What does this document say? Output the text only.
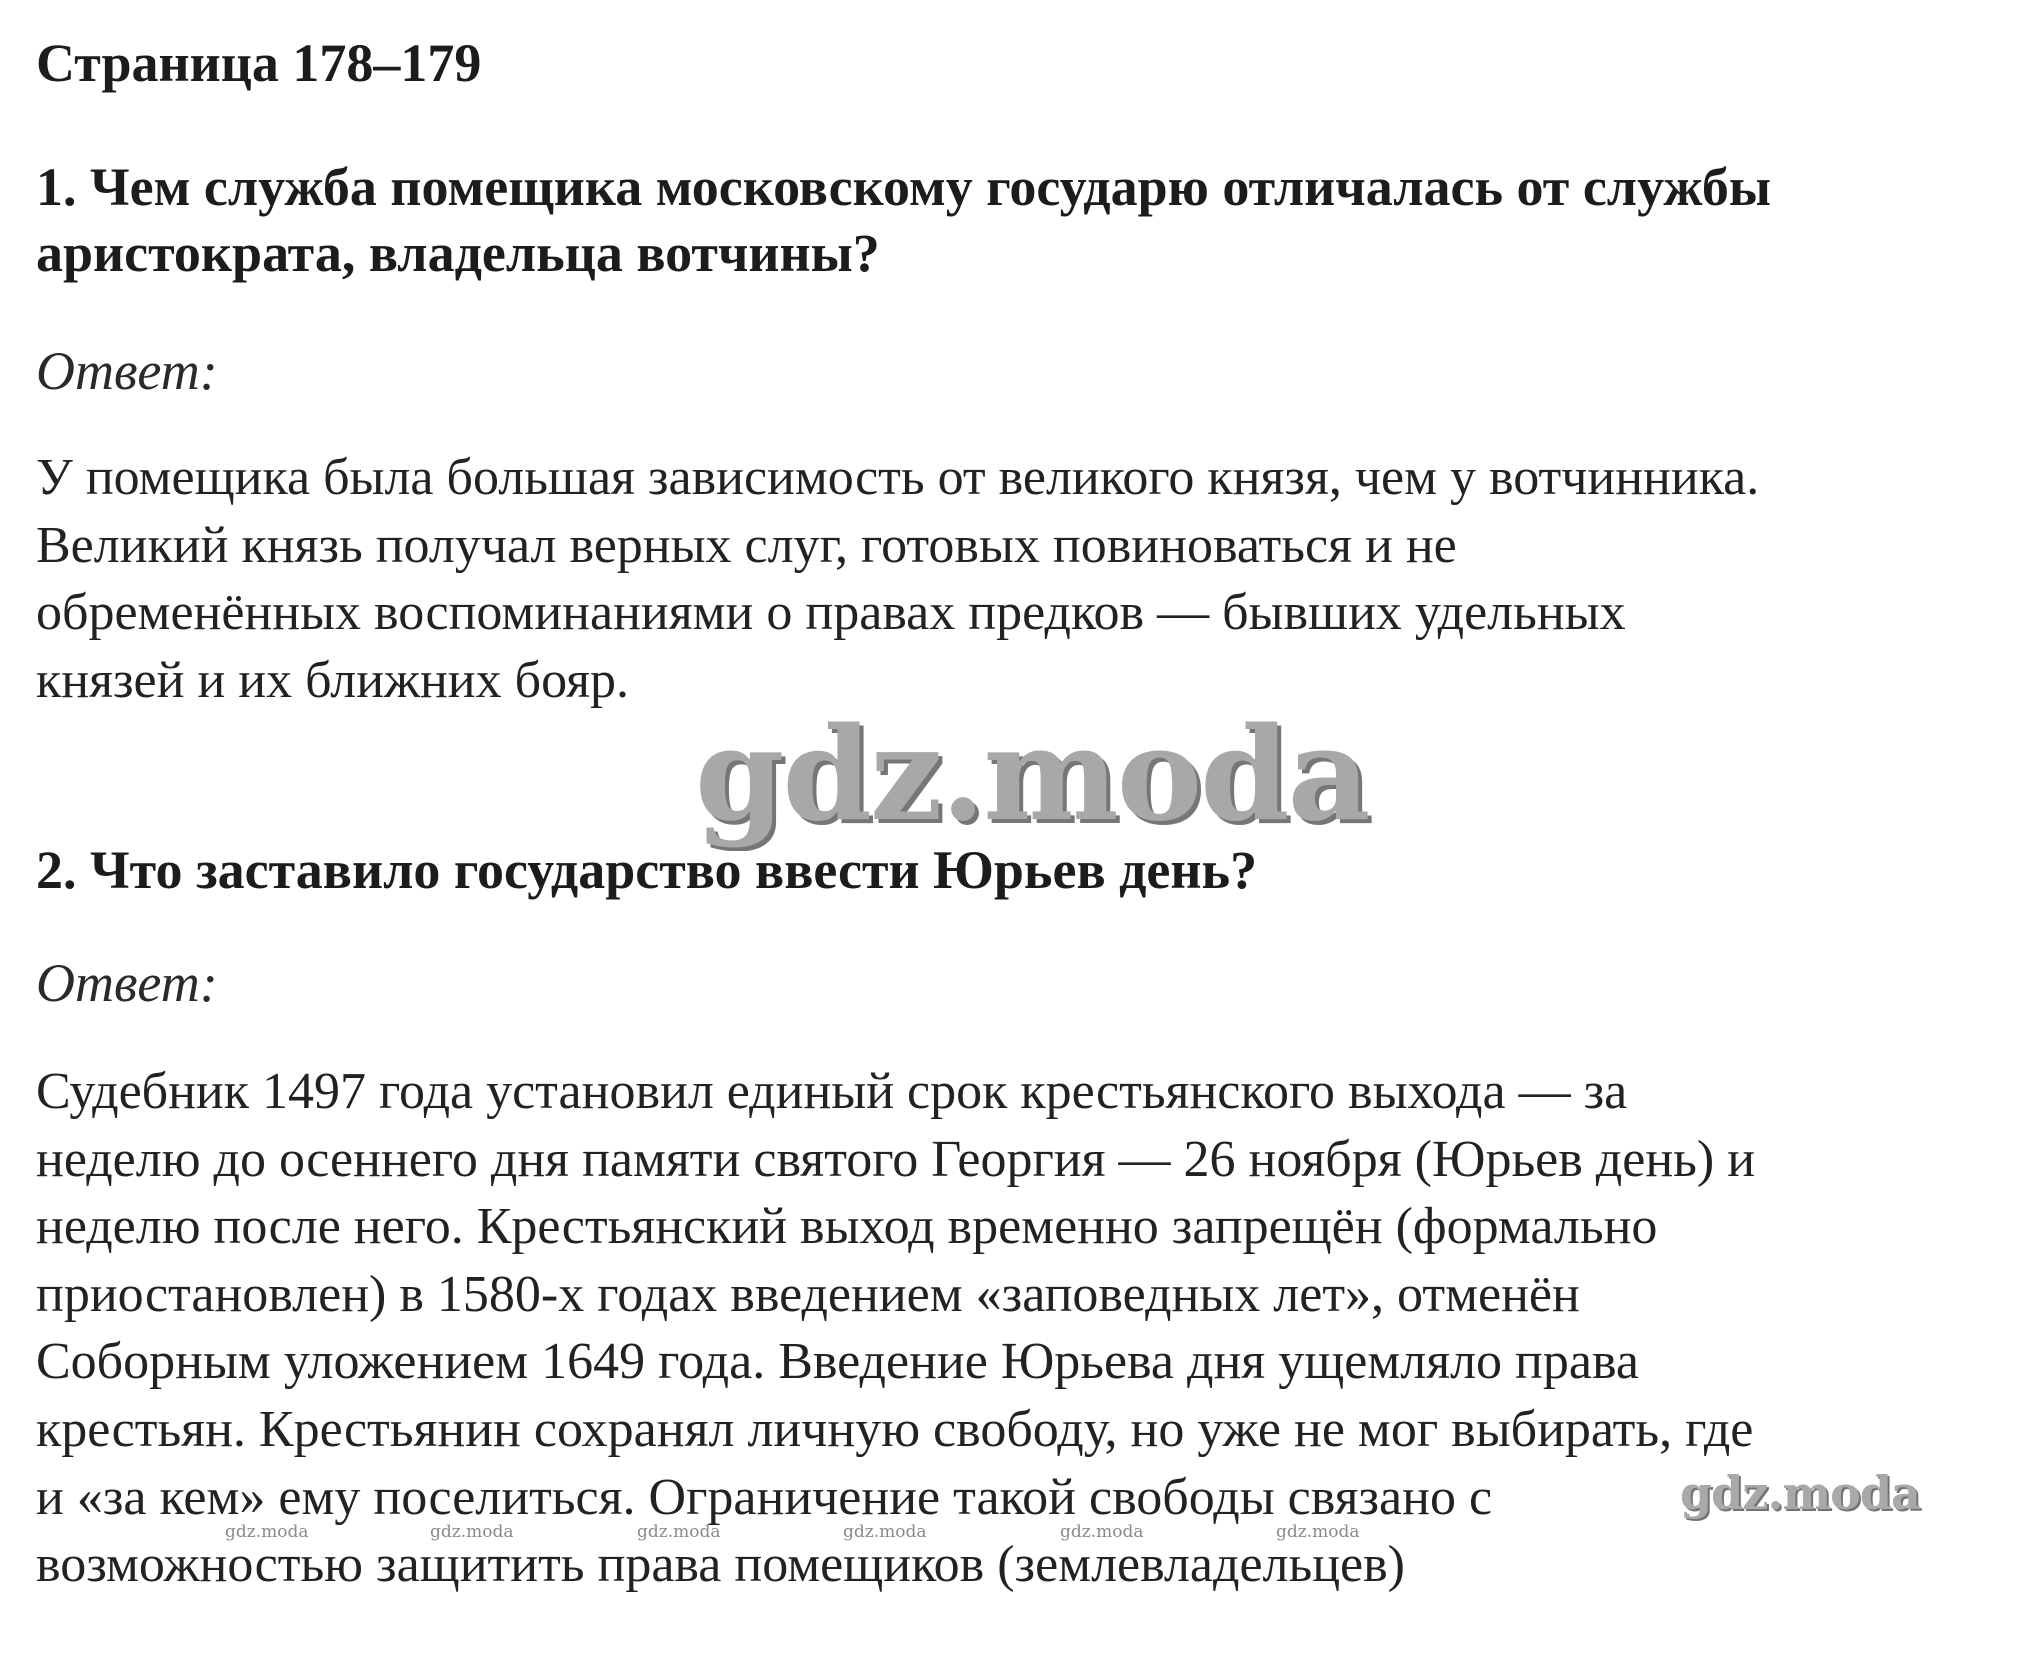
Страница 178–179
1. Чем служба помещика московскому государю отличалась от службы
аристократа, владельца вотчины?
Ответ:
У помещика была большая зависимость от великого князя, чем у вотчинника.
Великий князь получал верных слуг, готовых повиноваться и не
обременённых воспоминаниями о правах предков — бывших удельных
князей и их ближних бояр.
2. Что заставило государство ввести Юрьев день?
Ответ:
Судебник 1497 года установил единый срок крестьянского выхода — за
неделю до осеннего дня памяти святого Георгия — 26 ноября (Юрьев день) и
неделю после него. Крестьянский выход временно запрещён (формально
приостановлен) в 1580-х годах введением «заповедных лет», отменён
Соборным уложением 1649 года. Введение Юрьева дня ущемляло права
крестьян. Крестьянин сохранял личную свободу, но уже не мог выбирать, где
и «за кем» ему поселиться. Ограничение такой свободы связано с
возможностью защитить права помещиков (землевладельцев)
gdz.moda
gdz.moda
gdz.moda	gdz.moda	gdz.moda	gdz.moda	gdz.moda	gdz.moda
